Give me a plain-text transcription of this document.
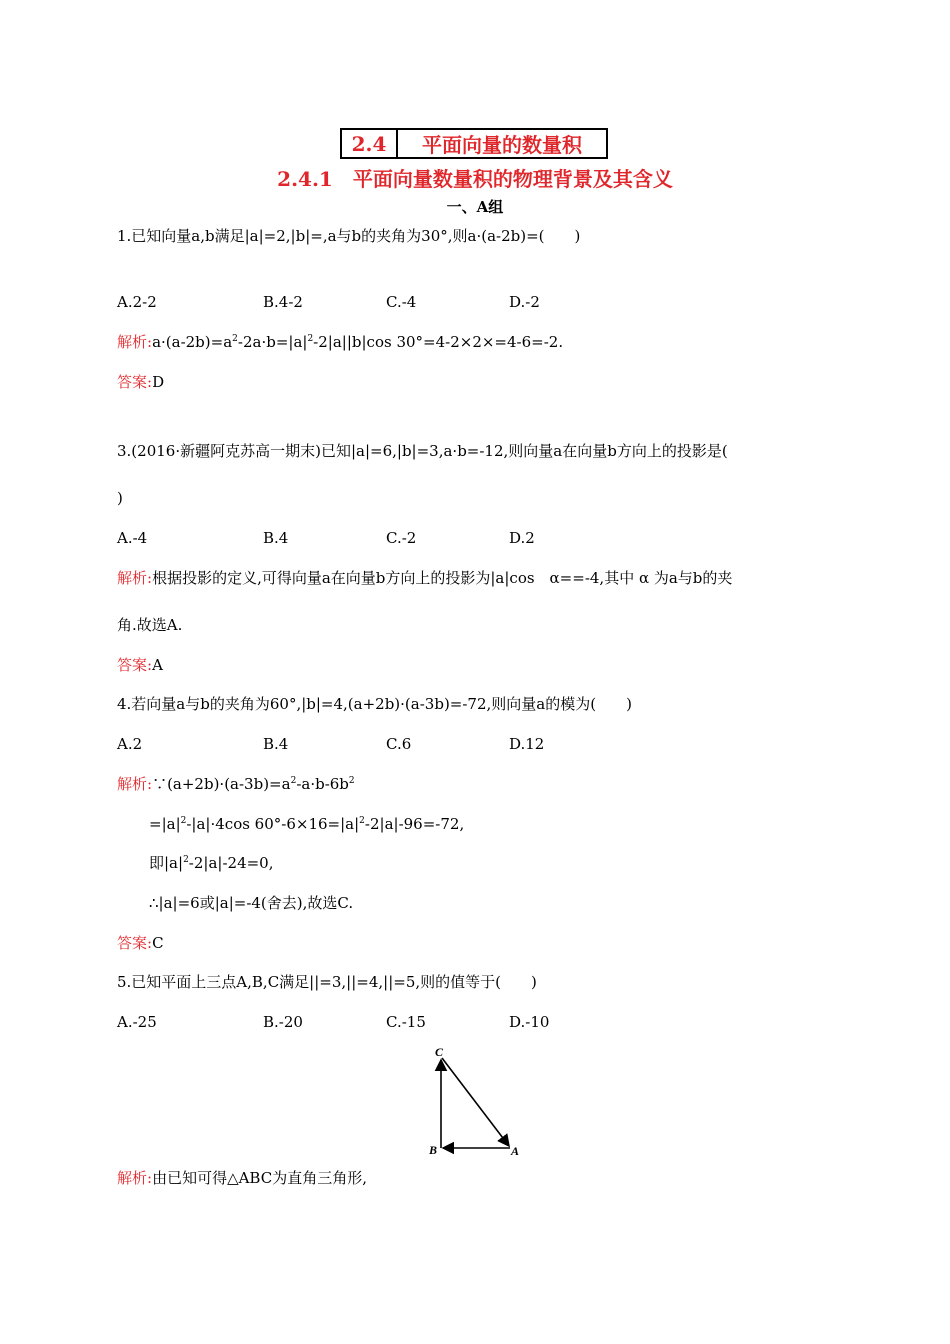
2.4	平面向量的数量积
2.4.1　平面向量数量积的物理背景及其含义
一、A组
1.已知向量a,b满足|a|=2,|b|=,a与b的夹角为30°,则a·(a-2b)=(　　)
A.2-2	B.4-2	C.-4	D.-2
解析$:a\cdot(a-2b)=a^2-2a\cdot b=|a|^2-2|a||b|\cos$ 30°=4-2×2×=4-6=-2.
答案:D
3.(2016·新疆阿克苏高一期末)已知|a|=6,|b|=3,a·b=-12,则向量a在向量b方向上的投影是(
)
A.-4	B.4	C.-2	D.2
解析:根据投影的定义,可得向量a在向量b方向上的投影为|a|cos　α==-4,其中 α 为a与b的夹
角.故选A.
答案:A
4.若向量a与b的夹角为60°,|b|=4,(a+2b)·(a-3b)=-72,则向量a的模为(　　)
A.2	B.4	C.6	D.12
解析$:\because(a+2b)\cdot(a-3b)=a^2-a\cdot b-6b^2$
$=|a|^2-|a|\cdot 4\cos$ $60^\circ-6\times 16=|a|^2-2|a|-96=-72$,
即$|a|^2-2|a|-24=0$,
∴|a|=6或|a|=-4(舍去),故选C.
答案:C
5.已知平面上三点A,B,C满足||=3,||=4,||=5,则的值等于(　　)
A.-25	B.-20	C.-15	D.-10
C
B	A
解析:由已知可得△ABC为直角三角形,
